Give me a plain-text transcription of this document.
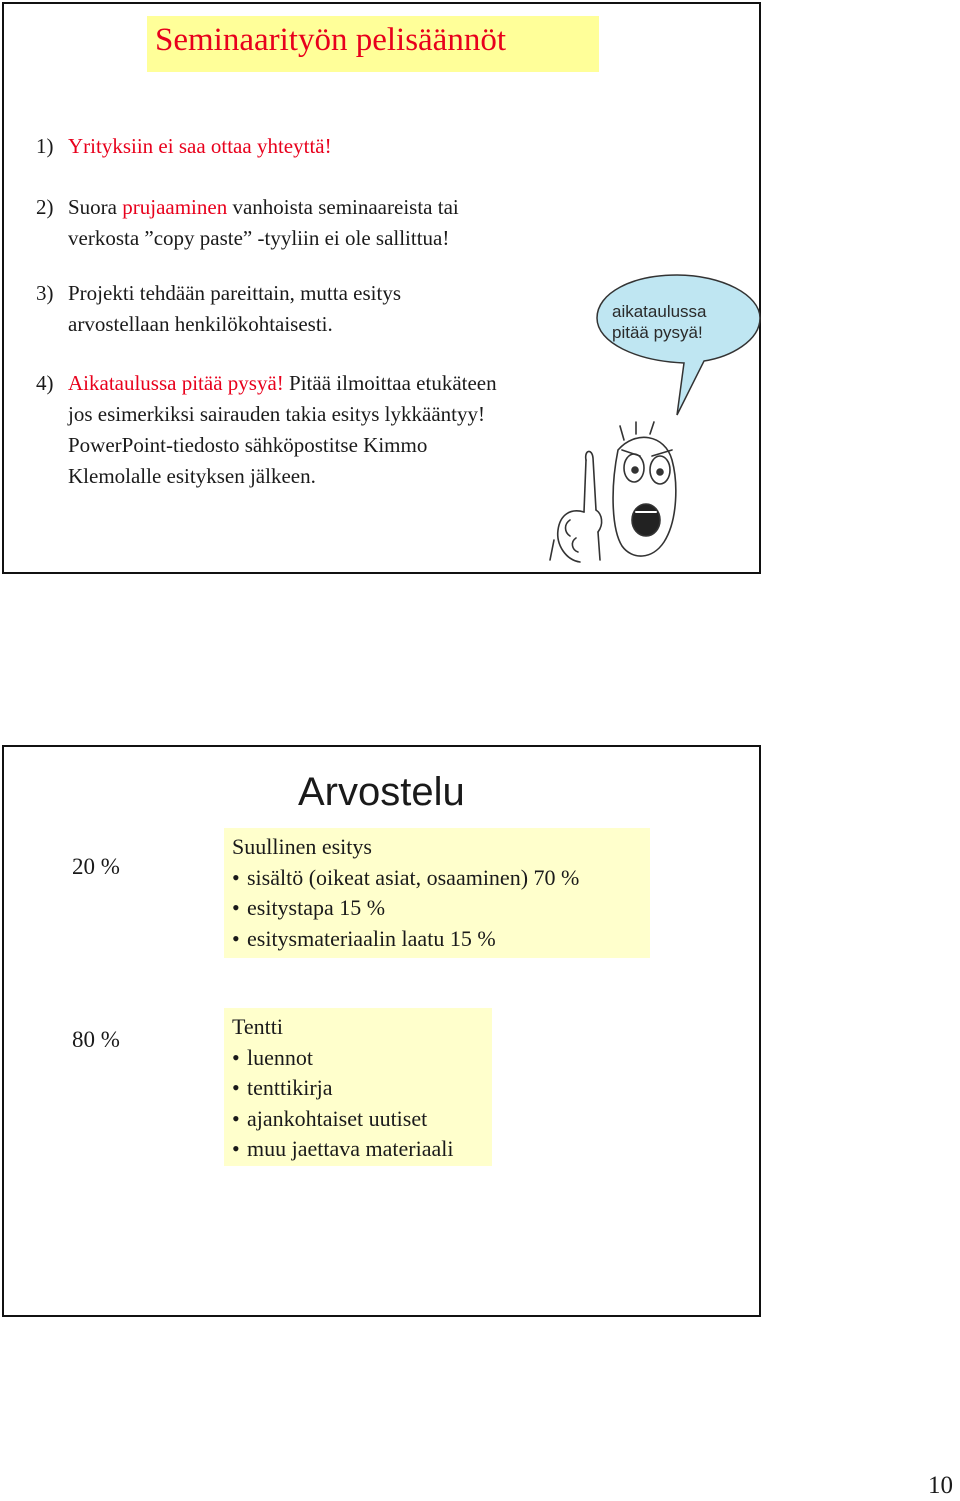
Seminaarityön pelisäännöt
1) Yrityksiin ei saa ottaa yhteyttä!
2) Suora prujaaminen vanhoista seminaareista tai
verkosta ”copy paste” -tyyliin ei ole sallittua!
3) Projekti tehdään pareittain, mutta esitys
arvostellaan henkilökohtaisesti.
4) Aikataulussa pitää pysyä! Pitää ilmoittaa etukäteen
jos esimerkiksi sairauden takia esitys lykkääntyy!
PowerPoint-tiedosto sähköpostitse Kimmo
Klemolalle esityksen jälkeen.
aikataulussa
pitää pysyä!
Arvostelu
20 %
Suullinen esitys
• sisältö (oikeat asiat, osaaminen) 70 %
• esitystapa 15 %
• esitysmateriaalin laatu 15 %
80 %
Tentti
• luennot
• tenttikirja
• ajankohtaiset uutiset
• muu jaettava materiaali
10
